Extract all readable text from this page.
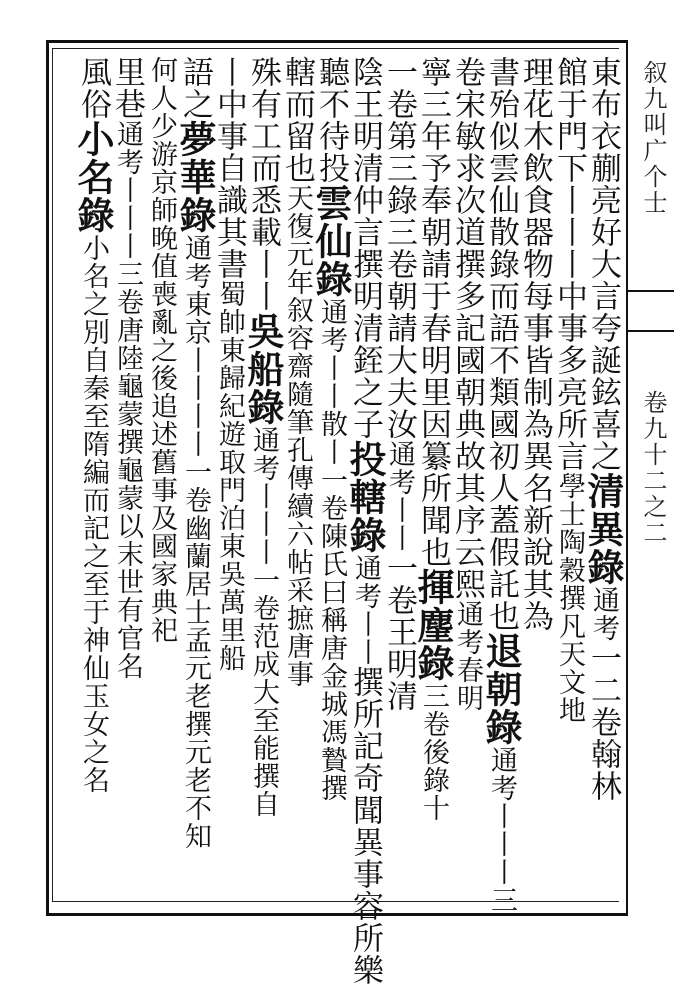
叙九叫广个士
卷九十二之二
東布衣蒯亮好大言夸誕鉉喜之清異錄通考一二卷翰林
館于門下丨丨丨中事多亮所言學士陶穀撰凡天文地
理花木飲食器物每事皆制為異名新說其為
書殆似雲仙散錄而語不類國初人蓋假託也退朝錄通考丨丨丨三
卷宋敏求次道撰多記國朝典故其序云熙通考春明
寧三年予奉朝請于春明里因纂所聞也揮麈錄三卷後錄十
一卷第三錄三卷朝請大夫汝通考丨丨一卷王明清
陰王明清仲言撰明清銍之子投轄錄通考丨丨撰所記奇聞異事容所樂
聽不待投雲仙錄通考丨丨散丨一卷陳氏曰稱唐金城馮贄撰
轄而留也天復元年叙容齋隨筆孔傳續六帖采摭唐事
殊有工而悉載丨丨吳船錄通考丨丨丨一卷范成大至能撰自
丨中事自識其書蜀帥東歸紀遊取門泊東吳萬里船
語之夢華錄通考東京丨丨丨丨一卷幽蘭居士孟元老撰元老不知
何人少游京師晚值喪亂之後追述舊事及國家典祀
里巷通考丨丨丨三卷唐陸龜蒙撰龜蒙以末世有官名
風俗小名錄小名之別自秦至隋編而記之至于神仙玉女之名
